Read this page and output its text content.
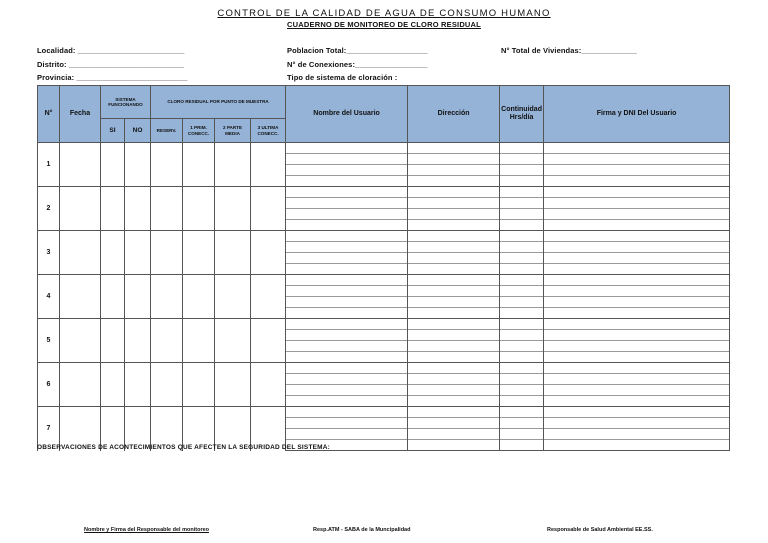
CONTROL DE LA CALIDAD DE AGUA DE CONSUMO HUMANO
CUADERNO DE MONITOREO DE CLORO RESIDUAL
Localidad: _________________________
Distrito: ___________________________
Provincia: __________________________
Poblacion Total:___________________
N° de Conexiones:_________________
Tipo de sistema de cloración :
N° Total de Viviendas:_____________
N°	Fecha	SISTEMA FUNCIONANDO		CLORO RESIDUAL POR PUNTO DE MUESTRA				Nombre del Usuario	Dirección	Continuidad Hrs/día	Firma y DNI Del Usuario
		SI	NO	RESERV.	1 PRIM. CONECC.	2 PARTE MEDIA	3 ULTIMA CONECC.				
1											

2											

3											

4											

5											

6											

7											

OBSERVACIONES DE ACONTECIMIENTOS QUE AFECTEN LA SEGURIDAD DEL SISTEMA:
Nombre y Firma del Responsable del monitoreo	Resp.ATM - SABA de la Muncipalidad	Responsable de Salud Ambiental EE.SS.
